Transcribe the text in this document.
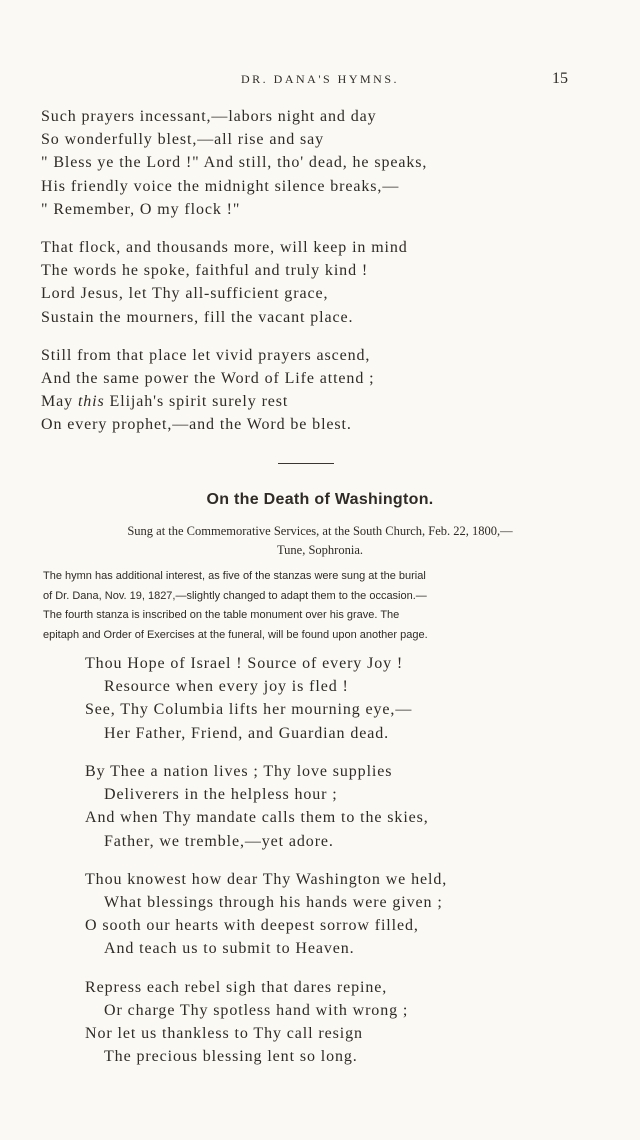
DR. DANA'S HYMNS.	15
Such prayers incessant,—labors night and day
So wonderfully blest,—all rise and say
" Bless ye the Lord !" And still, tho' dead, he speaks,
His friendly voice the midnight silence breaks,—
" Remember, O my flock !"
That flock, and thousands more, will keep in mind
The words he spoke, faithful and truly kind !
Lord Jesus, let Thy all-sufficient grace,
Sustain the mourners, fill the vacant place.
Still from that place let vivid prayers ascend,
And the same power the Word of Life attend ;
May this Elijah's spirit surely rest
On every prophet,—and the Word be blest.
On the Death of Washington.
Sung at the Commemorative Services, at the South Church, Feb. 22, 1800,—
Tune, Sophronia.
The hymn has additional interest, as five of the stanzas were sung at the burial
of Dr. Dana, Nov. 19, 1827,—slightly changed to adapt them to the occasion.—
The fourth stanza is inscribed on the table monument over his grave. The
epitaph and Order of Exercises at the funeral, will be found upon another page.
Thou Hope of Israel ! Source of every Joy !
Resource when every joy is fled !
See, Thy Columbia lifts her mourning eye,—
Her Father, Friend, and Guardian dead.
By Thee a nation lives ; Thy love supplies
Deliverers in the helpless hour ;
And when Thy mandate calls them to the skies,
Father, we tremble,—yet adore.
Thou knowest how dear Thy Washington we held,
What blessings through his hands were given ;
O sooth our hearts with deepest sorrow filled,
And teach us to submit to Heaven.
Repress each rebel sigh that dares repine,
Or charge Thy spotless hand with wrong ;
Nor let us thankless to Thy call resign
The precious blessing lent so long.
